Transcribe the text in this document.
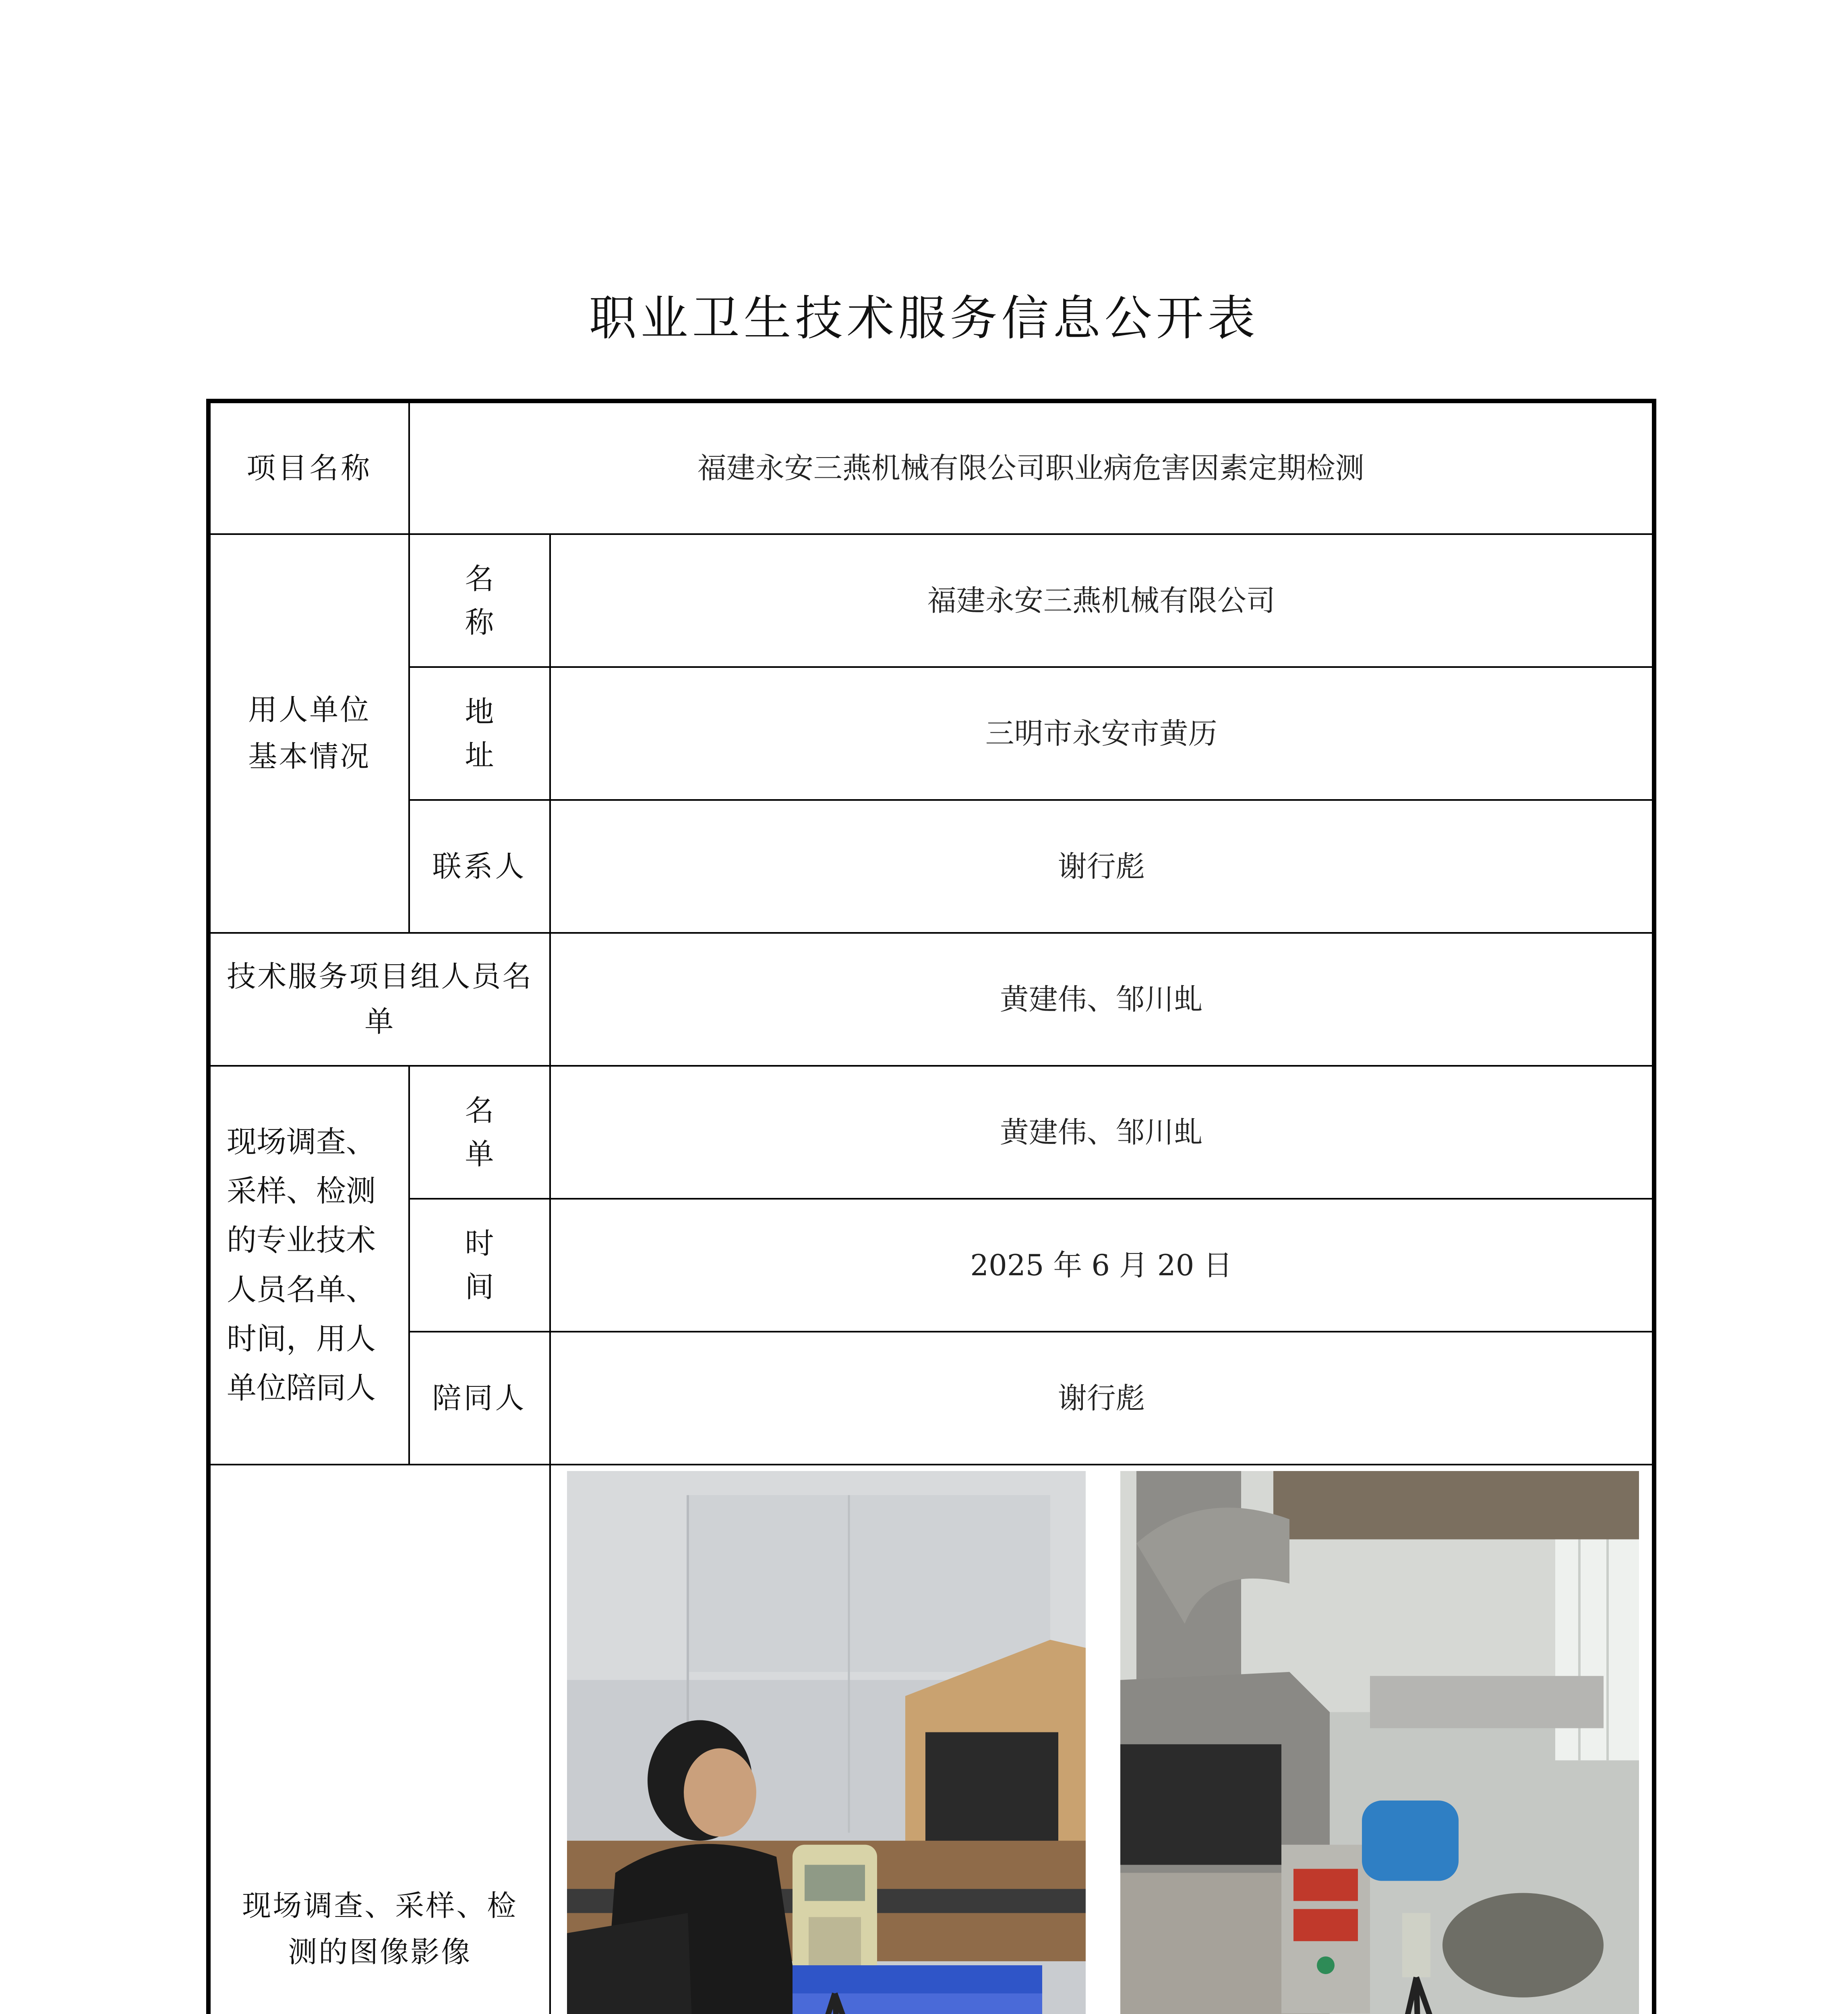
职业卫生技术服务信息公开表
项目名称	福建永安三燕机械有限公司职业病危害因素定期检测	

用人单位基本情况	名　称	福建永安三燕机械有限公司
	地　址	三明市永安市黄历
	联系人	谢行彪

技术服务项目组人员名单		黄建伟、邹川虬
现场调查、采样、检测的专业技术人员名单、时间，用人单位陪同人	名　单	黄建伟、邹川虬
	时　间	2025 年 6 月 20 日
	陪同人	谢行彪

现场调查、采样、检测的图像影像
